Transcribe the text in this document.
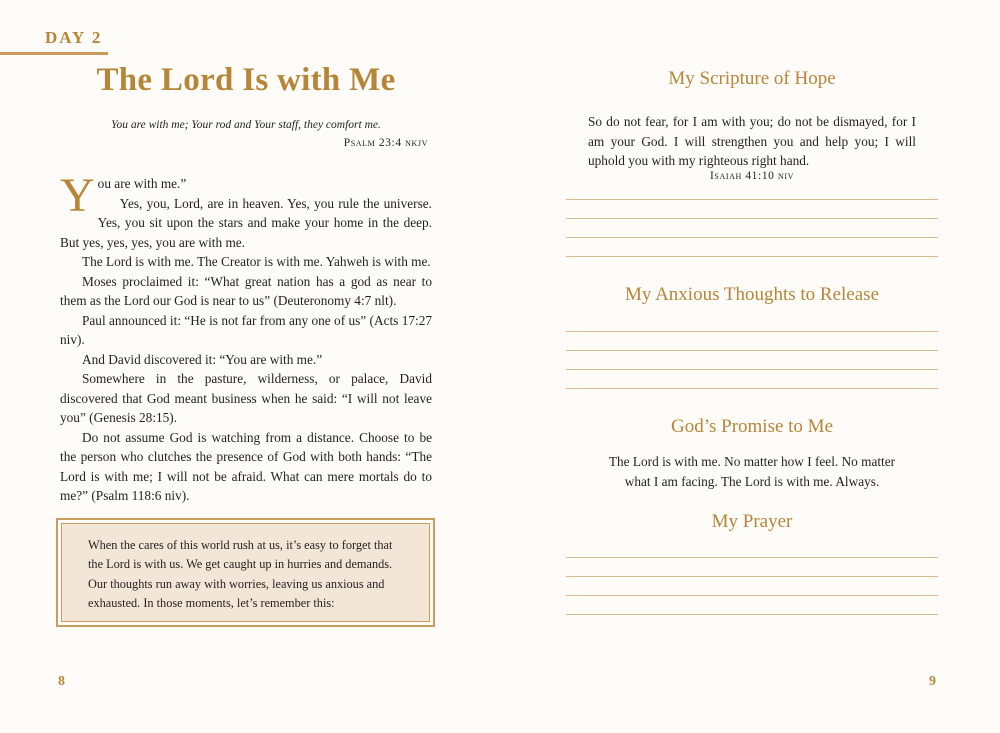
DAY 2
The Lord Is with Me
You are with me; Your rod and Your staff, they comfort me.
Psalm 23:4 nkjv

You are with me.”

Yes, you, Lord, are in heaven. Yes, you rule the universe. Yes, you sit upon the stars and make your home in the deep. But yes, yes, yes, you are with me.

The Lord is with me. The Creator is with me. Yahweh is with me.

Moses proclaimed it: “What great nation has a god as near to them as the Lord our God is near to us” (Deuteronomy 4:7 nlt).

Paul announced it: “He is not far from any one of us” (Acts 17:27 niv).

And David discovered it: “You are with me.”

Somewhere in the pasture, wilderness, or palace, David discovered that God meant business when he said: “I will not leave you” (Genesis 28:15).

Do not assume God is watching from a distance. Choose to be the person who clutches the presence of God with both hands: “The Lord is with me; I will not be afraid. What can mere mortals do to me?” (Psalm 118:6 niv).

When the cares of this world rush at us, it’s easy to forget that the Lord is with us. We get caught up in hurries and demands. Our thoughts run away with worries, leaving us anxious and exhausted. In those moments, let’s remember this:
8
My Scripture of Hope
So do not fear, for I am with you; do not be dismayed, for I am your God. I will strengthen you and help you; I will uphold you with my righteous right hand.
Isaiah 41:10 niv
My Anxious Thoughts to Release
God’s Promise to Me
The Lord is with me. No matter how I feel. No matter
what I am facing. The Lord is with me. Always.
My Prayer
9
